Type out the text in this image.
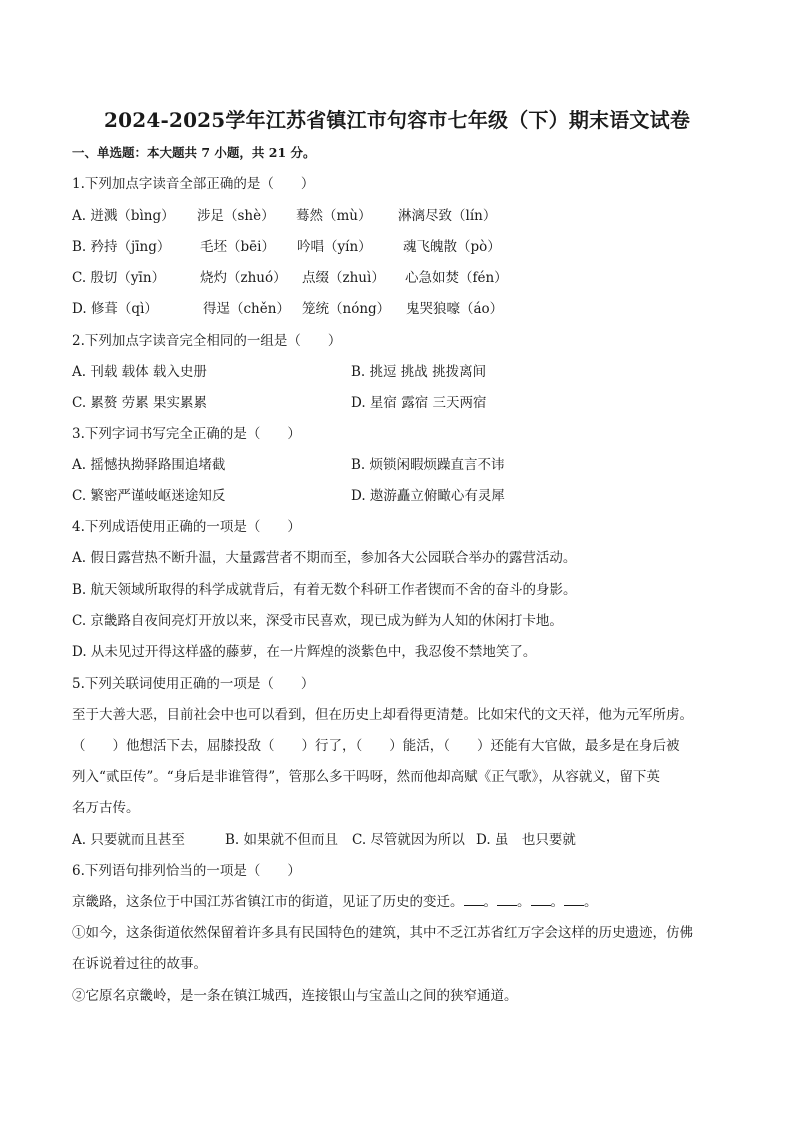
2024-2025学年江苏省镇江市句容市七年级（下）期末语文试卷
一、单选题：本大题共 7 小题，共 21 分。
1.下列加点字读音全部正确的是（　　）
A. 迸溅（bìng） 涉足（shè） 蓦然（mù） 淋漓尽致（lín）
B. 矜持（jīng） 毛坯（bēi） 吟唱（yín） 魂飞魄散（pò）
C. 殷切（yīn）	烧灼（zhuó） 点缀（zhuì） 心急如焚（fén）
D. 修葺（qì）	得逞（chěn） 笼统（nóng） 鬼哭狼嚎（áo）
2.下列加点字读音完全相同的一组是（　　）
A. 刊载 载体 载入史册	B. 挑逗 挑战 挑拨离间
C. 累赘 劳累 果实累累	D. 星宿 露宿 三天两宿
3.下列字词书写完全正确的是（　　）
A. 摇憾执拗驿路围追堵截	B. 烦锁闲暇烦躁直言不讳
C. 繁密严谨岐岖迷途知反	D. 遨游矗立俯瞰心有灵犀
4.下列成语使用正确的一项是（　　）
A. 假日露营热不断升温，大量露营者不期而至，参加各大公园联合举办的露营活动。
B. 航天领域所取得的科学成就背后，有着无数个科研工作者锲而不舍的奋斗的身影。
C. 京畿路自夜间亮灯开放以来，深受市民喜欢，现已成为鲜为人知的休闲打卡地。
D. 从未见过开得这样盛的藤萝，在一片辉煌的淡紫色中，我忍俊不禁地笑了。
5.下列关联词使用正确的一项是（　　）
至于大善大恶，目前社会中也可以看到，但在历史上却看得更清楚。比如宋代的文天祥，他为元军所虏。
（　　）他想活下去，屈膝投敌（　　）行了，（　　）能活，（　　）还能有大官做，最多是在身后被
列入“贰臣传”。“身后是非谁管得”，管那么多干吗呀，然而他却高赋《正气歌》，从容就义，留下英
名万古传。
A. 只要就而且甚至	B. 如果就不但而且 C. 尽管就因为所以 D. 虽　也只要就
6.下列语句排列恰当的一项是（　　）
京畿路，这条位于中国江苏省镇江市的街道，见证了历史的变迁。 。 。 。 。
①如今，这条街道依然保留着许多具有民国特色的建筑，其中不乏江苏省红万字会这样的历史遗迹，仿佛
在诉说着过往的故事。
②它原名京畿岭，是一条在镇江城西，连接银山与宝盖山之间的狭窄通道。
